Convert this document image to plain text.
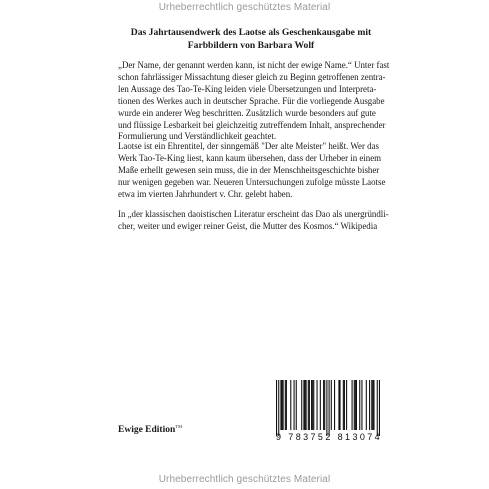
Urheberrechtlich geschütztes Material
Das Jahrtausendwerk des Laotse als Geschenkausgabe mit
Farbbildern von Barbara Wolf
„Der Name, der genannt werden kann, ist nicht der ewige Name.“ Unter fast
schon fahrlässiger Missachtung dieser gleich zu Beginn getroffenen zentra-
len Aussage des Tao-Te-King leiden viele Übersetzungen und Interpreta-
tionen des Werkes auch in deutscher Sprache. Für die vorliegende Ausgabe
wurde ein anderer Weg beschritten. Zusätzlich wurde besonders auf gute
und flüssige Lesbarkeit bei gleichzeitig zutreffendem Inhalt, ansprechender
Formulierung und Verständlichkeit geachtet.
Laotse ist ein Ehrentitel, der sinngemäß "Der alte Meister" heißt. Wer das
Werk Tao-Te-King liest, kann kaum übersehen, dass der Urheber in einem
Maße erhellt gewesen sein muss, die in der Menschheitsgeschichte bisher
nur wenigen gegeben war. Neueren Untersuchungen zufolge müsste Laotse
etwa im vierten Jahrhundert v. Chr. gelebt haben.
In „der klassischen daoistischen Literatur erscheint das Dao als unergründli-
cher, weiter und ewiger reiner Geist, die Mutter des Kosmos.“ Wikipedia
Ewige Edition™
9 783752 813074
Urheberrechtlich geschütztes Material
